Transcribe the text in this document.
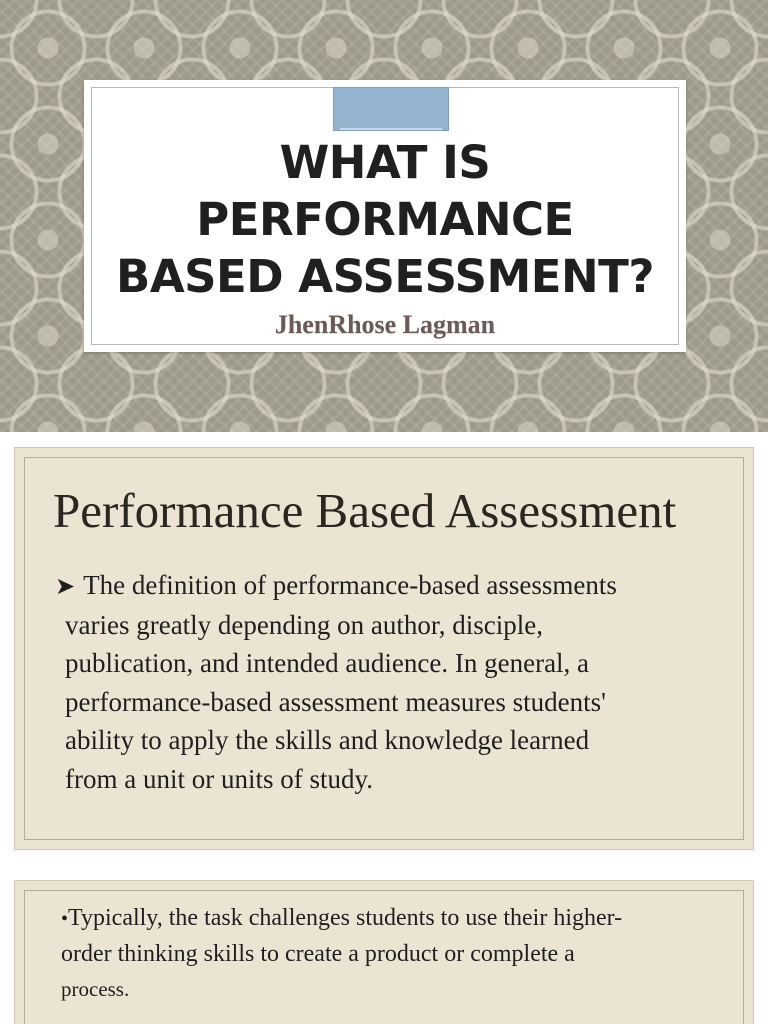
WHAT IS
PERFORMANCE
BASED ASSESSMENT?
JhenRhose Lagman
Performance Based Assessment

➤ The definition of performance-based assessments
varies greatly depending on author, disciple,
publication, and intended audience. In general, a
performance-based assessment measures students'
ability to apply the skills and knowledge learned
from a unit or units of study.

•Typically, the task challenges students to use their higher-
order thinking skills to create a product or complete a
process.
